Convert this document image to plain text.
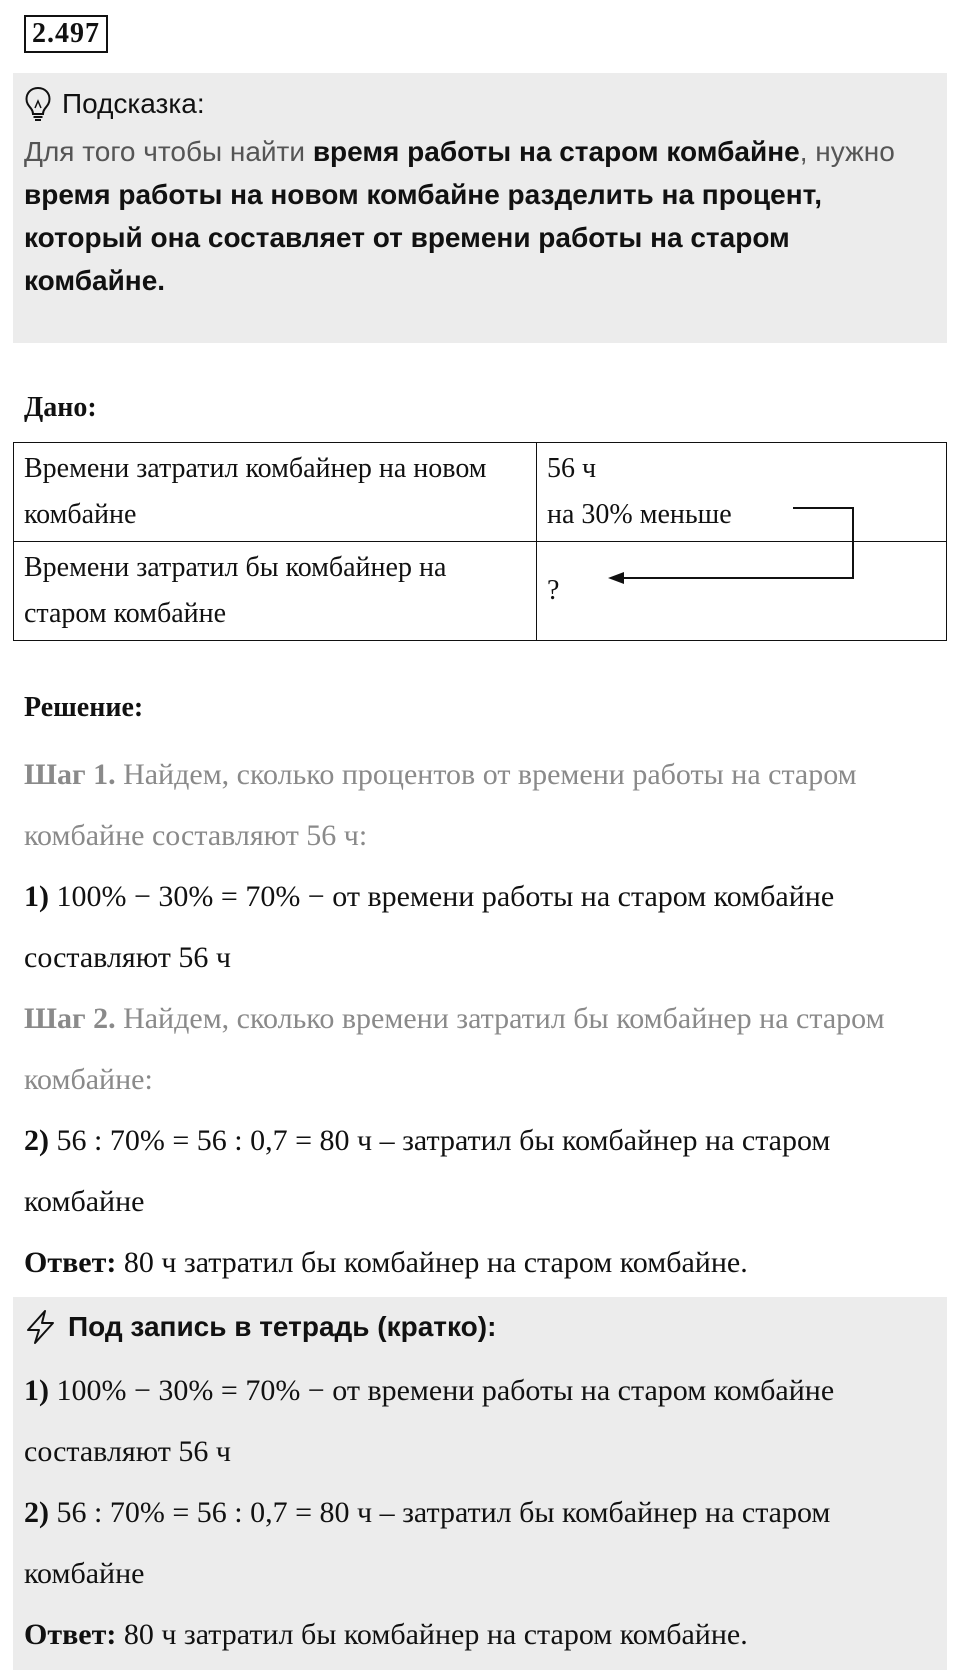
2.497
Подсказка:
Для того чтобы найти время работы на старом комбайне, нужно время работы на новом комбайне разделить на процент, который она составляет от времени работы на старом комбайне.
Дано:
Времени затратил комбайнер на новом комбайне	56 ч
на 30% меньше

Времени затратил бы комбайнер на старом комбайне	?
Решение:

Шаг 1. Найдем, сколько процентов от времени работы на старом комбайне составляют 56 ч:

1) 100% − 30% = 70% − от времени работы на старом комбайне составляют 56 ч

Шаг 2. Найдем, сколько времени затратил бы комбайнер на старом комбайне:

2) 56 : 70% = 56 : 0,7 = 80 ч – затратил бы комбайнер на старом комбайне

Ответ: 80 ч затратил бы комбайнер на старом комбайне.

Под запись в тетрадь (кратко):

1) 100% − 30% = 70% − от времени работы на старом комбайне составляют 56 ч

2) 56 : 70% = 56 : 0,7 = 80 ч – затратил бы комбайнер на старом комбайне

Ответ: 80 ч затратил бы комбайнер на старом комбайне.
